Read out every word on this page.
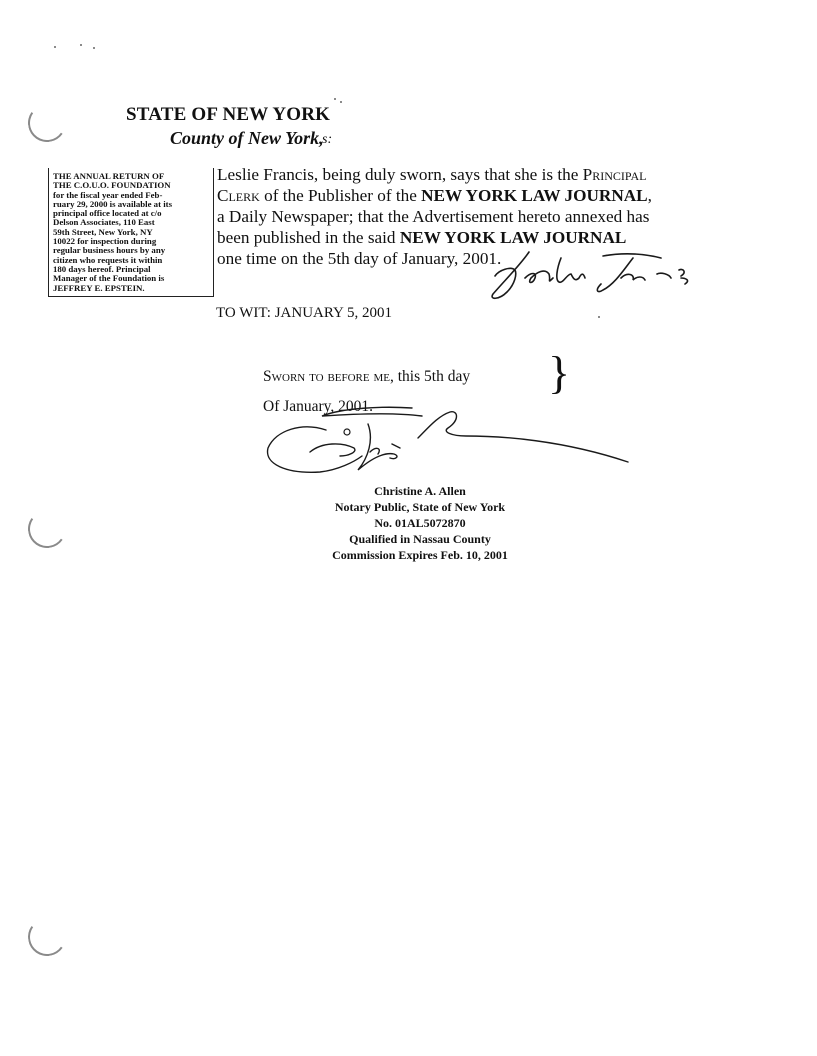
STATE OF NEW YORK
County of New York,
s:
THE ANNUAL RETURN OF
THE C.O.U.O. FOUNDATION
for the fiscal year ended Feb-
ruary 29, 2000 is available at its
principal office located at c/o
Delson Associates, 110 East
59th Street, New York, NY
10022 for inspection during
regular business hours by any
citizen who requests it within
180 days hereof. Principal
Manager of the Foundation is
JEFFREY E. EPSTEIN.
Leslie Francis, being duly sworn, says that she is the Principal
Clerk of the Publisher of the NEW YORK LAW JOURNAL,
a Daily Newspaper; that the Advertisement hereto annexed has
been published in the said NEW YORK LAW JOURNAL
one time on the 5th day of January, 2001.
TO WIT: JANUARY 5, 2001
Sworn to before me, this 5th day }
Of January, 2001.
Christine A. Allen
Notary Public, State of New York
No. 01AL5072870
Qualified in Nassau County
Commission Expires Feb. 10, 2001
